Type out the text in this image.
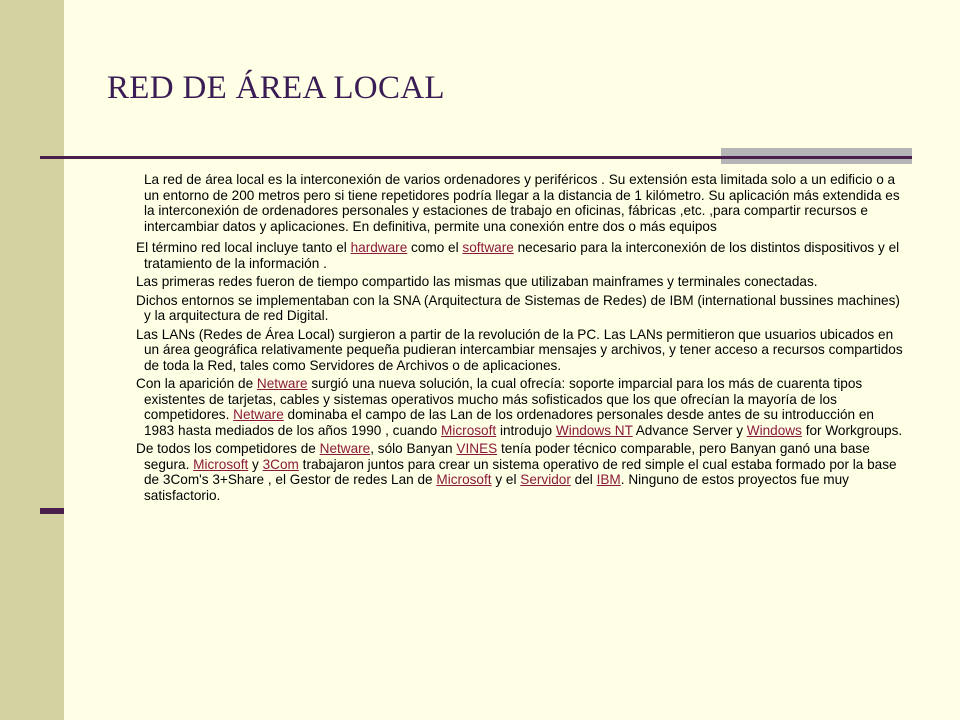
RED DE ÁREA LOCAL

La red de área local es la interconexión de varios ordenadores y periféricos . Su extensión esta limitada solo a un edificio o a un entorno de 200 metros pero si tiene repetidores podría llegar a la distancia de 1 kilómetro. Su aplicación más extendida es la interconexión de ordenadores personales y estaciones de trabajo en oficinas, fábricas ,etc. ,para compartir recursos e intercambiar datos y aplicaciones. En definitiva, permite una conexión entre dos o más equipos

El término red local incluye tanto el hardware como el software necesario para la interconexión de los distintos dispositivos y el tratamiento de la información .

Las primeras redes fueron de tiempo compartido las mismas que utilizaban mainframes y terminales conectadas.

Dichos entornos se implementaban con la SNA (Arquitectura de Sistemas de Redes) de IBM (international bussines machines) y la arquitectura de red Digital.

Las LANs (Redes de Área Local) surgieron a partir de la revolución de la PC. Las LANs permitieron que usuarios ubicados en un área geográfica relativamente pequeña pudieran intercambiar mensajes y archivos, y tener acceso a recursos compartidos de toda la Red, tales como Servidores de Archivos o de aplicaciones.

Con la aparición de Netware surgió una nueva solución, la cual ofrecía: soporte imparcial para los más de cuarenta tipos existentes de tarjetas, cables y sistemas operativos mucho más sofisticados que los que ofrecían la mayoría de los competidores. Netware dominaba el campo de las Lan de los ordenadores personales desde antes de su introducción en 1983 hasta mediados de los años 1990 , cuando Microsoft introdujo Windows NT Advance Server y Windows for Workgroups.

De todos los competidores de Netware, sólo Banyan VINES tenía poder técnico comparable, pero Banyan ganó una base segura. Microsoft y 3Com trabajaron juntos para crear un sistema operativo de red simple el cual estaba formado por la base de 3Com's 3+Share , el Gestor de redes Lan de Microsoft y el Servidor del IBM. Ninguno de estos proyectos fue muy satisfactorio.
